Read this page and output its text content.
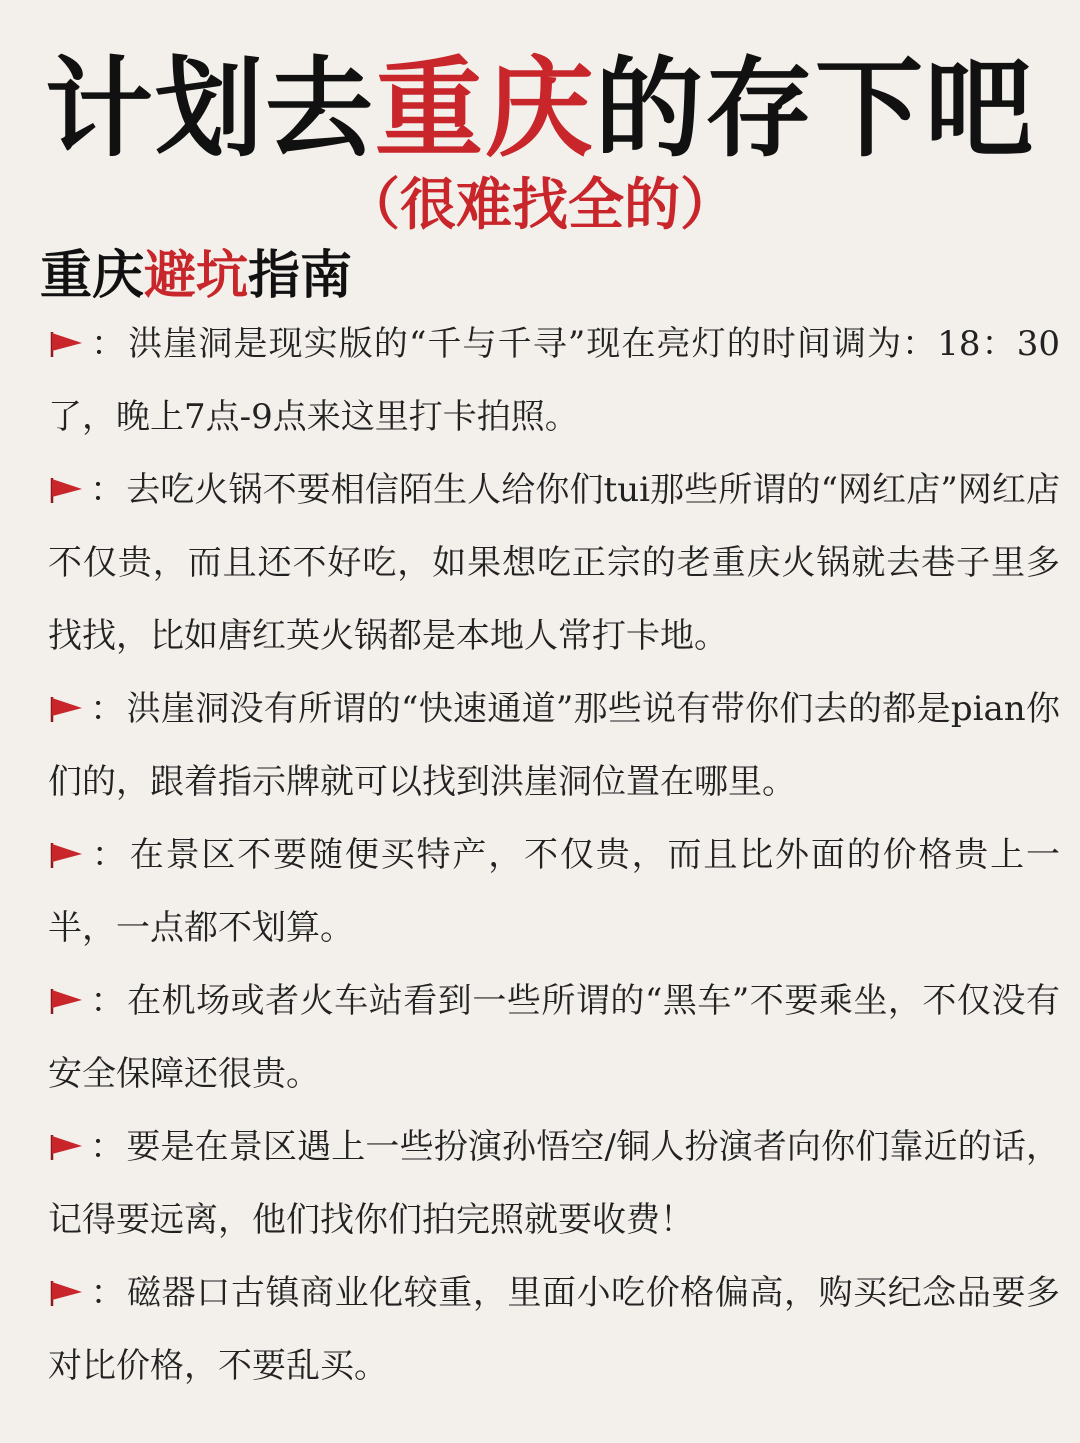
计划去重庆的存下吧
（很难找全的）
重庆避坑指南

：洪崖洞是现实版的“千与千寻”现在亮灯的时间调为：18：30了，晚上7点-9点来这里打卡拍照。

：去吃火锅不要相信陌生人给你们tui那些所谓的“网红店”网红店不仅贵，而且还不好吃，如果想吃正宗的老重庆火锅就去巷子里多找找，比如唐红英火锅都是本地人常打卡地。

：洪崖洞没有所谓的“快速通道”那些说有带你们去的都是pian你们的，跟着指示牌就可以找到洪崖洞位置在哪里。

：在景区不要随便买特产，不仅贵，而且比外面的价格贵上一半，一点都不划算。

：在机场或者火车站看到一些所谓的“黑车”不要乘坐，不仅没有安全保障还很贵。

：要是在景区遇上一些扮演孙悟空/铜人扮演者向你们靠近的话，记得要远离，他们找你们拍完照就要收费！

：磁器口古镇商业化较重，里面小吃价格偏高，购买纪念品要多对比价格，不要乱买。
